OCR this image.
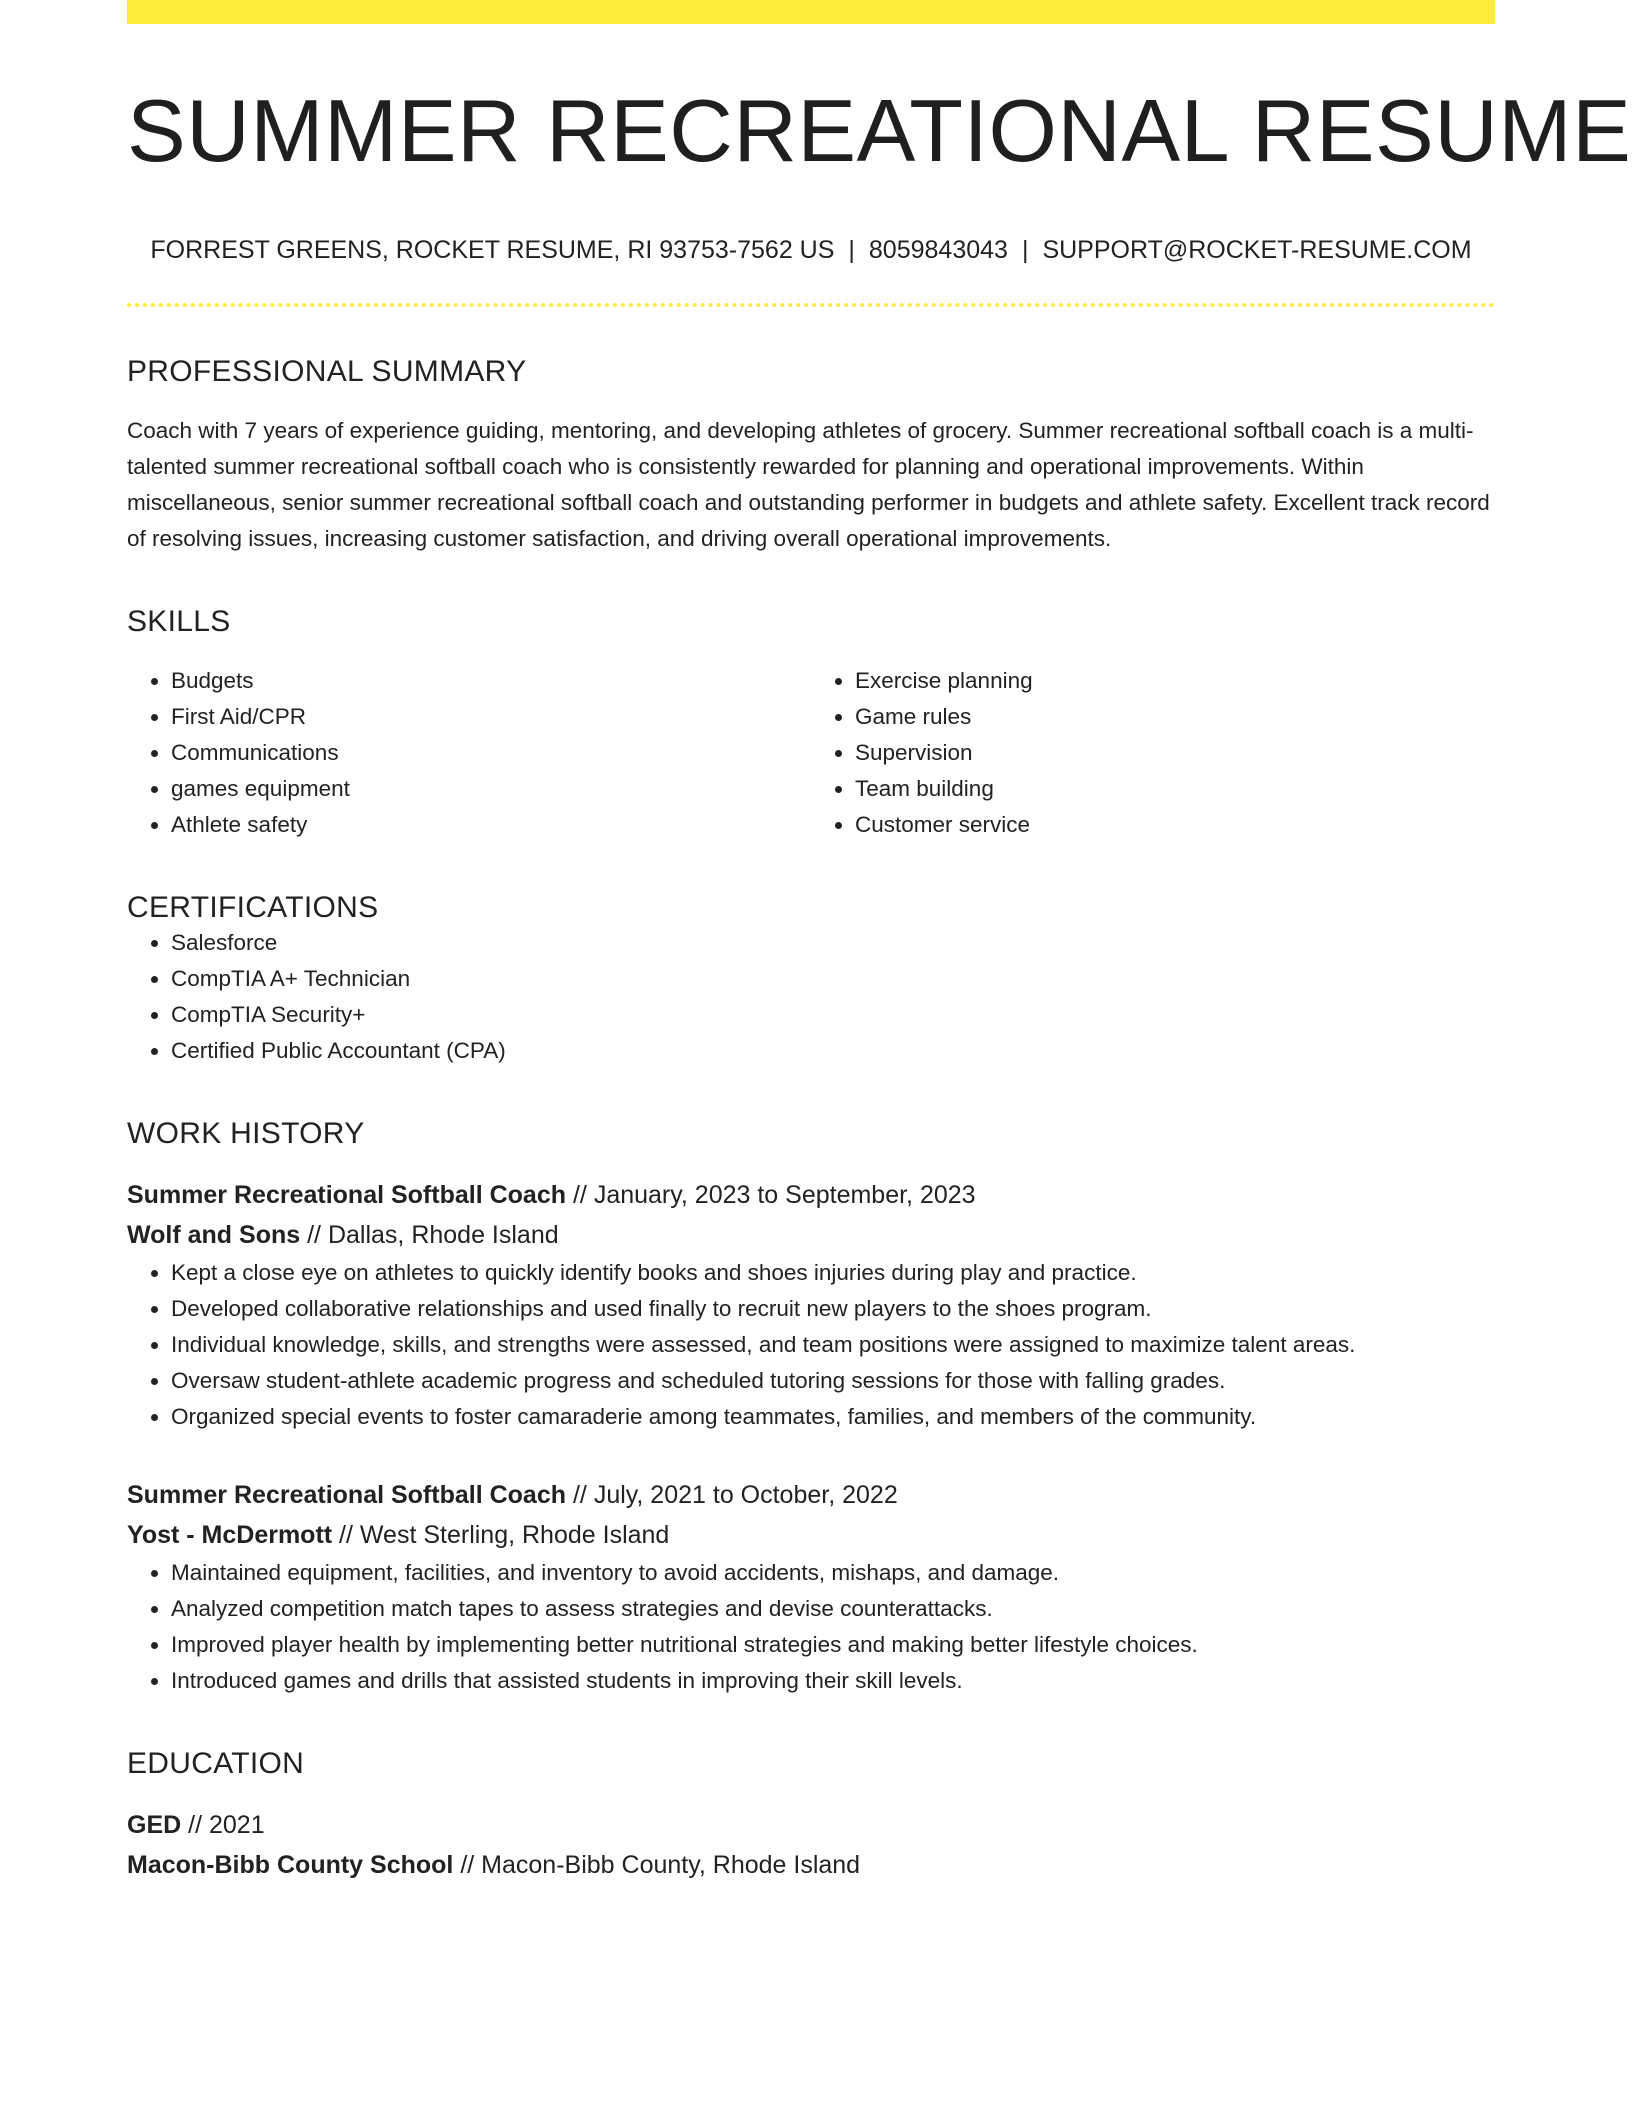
SUMMER RECREATIONAL RESUME
FORREST GREENS, ROCKET RESUME, RI 93753-7562 US | 8059843043 | SUPPORT@ROCKET-RESUME.COM
PROFESSIONAL SUMMARY
Coach with 7 years of experience guiding, mentoring, and developing athletes of grocery. Summer recreational softball coach is a multi-talented summer recreational softball coach who is consistently rewarded for planning and operational improvements. Within miscellaneous, senior summer recreational softball coach and outstanding performer in budgets and athlete safety. Excellent track record of resolving issues, increasing customer satisfaction, and driving overall operational improvements.
SKILLS
• Budgets
• First Aid/CPR
• Communications
• games equipment
• Athlete safety
• Exercise planning
• Game rules
• Supervision
• Team building
• Customer service
CERTIFICATIONS
• Salesforce
• CompTIA A+ Technician
• CompTIA Security+
• Certified Public Accountant (CPA)
WORK HISTORY
Summer Recreational Softball Coach // January, 2023 to September, 2023
Wolf and Sons // Dallas, Rhode Island
• Kept a close eye on athletes to quickly identify books and shoes injuries during play and practice.
• Developed collaborative relationships and used finally to recruit new players to the shoes program.
• Individual knowledge, skills, and strengths were assessed, and team positions were assigned to maximize talent areas.
• Oversaw student-athlete academic progress and scheduled tutoring sessions for those with falling grades.
• Organized special events to foster camaraderie among teammates, families, and members of the community.
Summer Recreational Softball Coach // July, 2021 to October, 2022
Yost - McDermott // West Sterling, Rhode Island
• Maintained equipment, facilities, and inventory to avoid accidents, mishaps, and damage.
• Analyzed competition match tapes to assess strategies and devise counterattacks.
• Improved player health by implementing better nutritional strategies and making better lifestyle choices.
• Introduced games and drills that assisted students in improving their skill levels.
EDUCATION
GED // 2021
Macon-Bibb County School // Macon-Bibb County, Rhode Island
